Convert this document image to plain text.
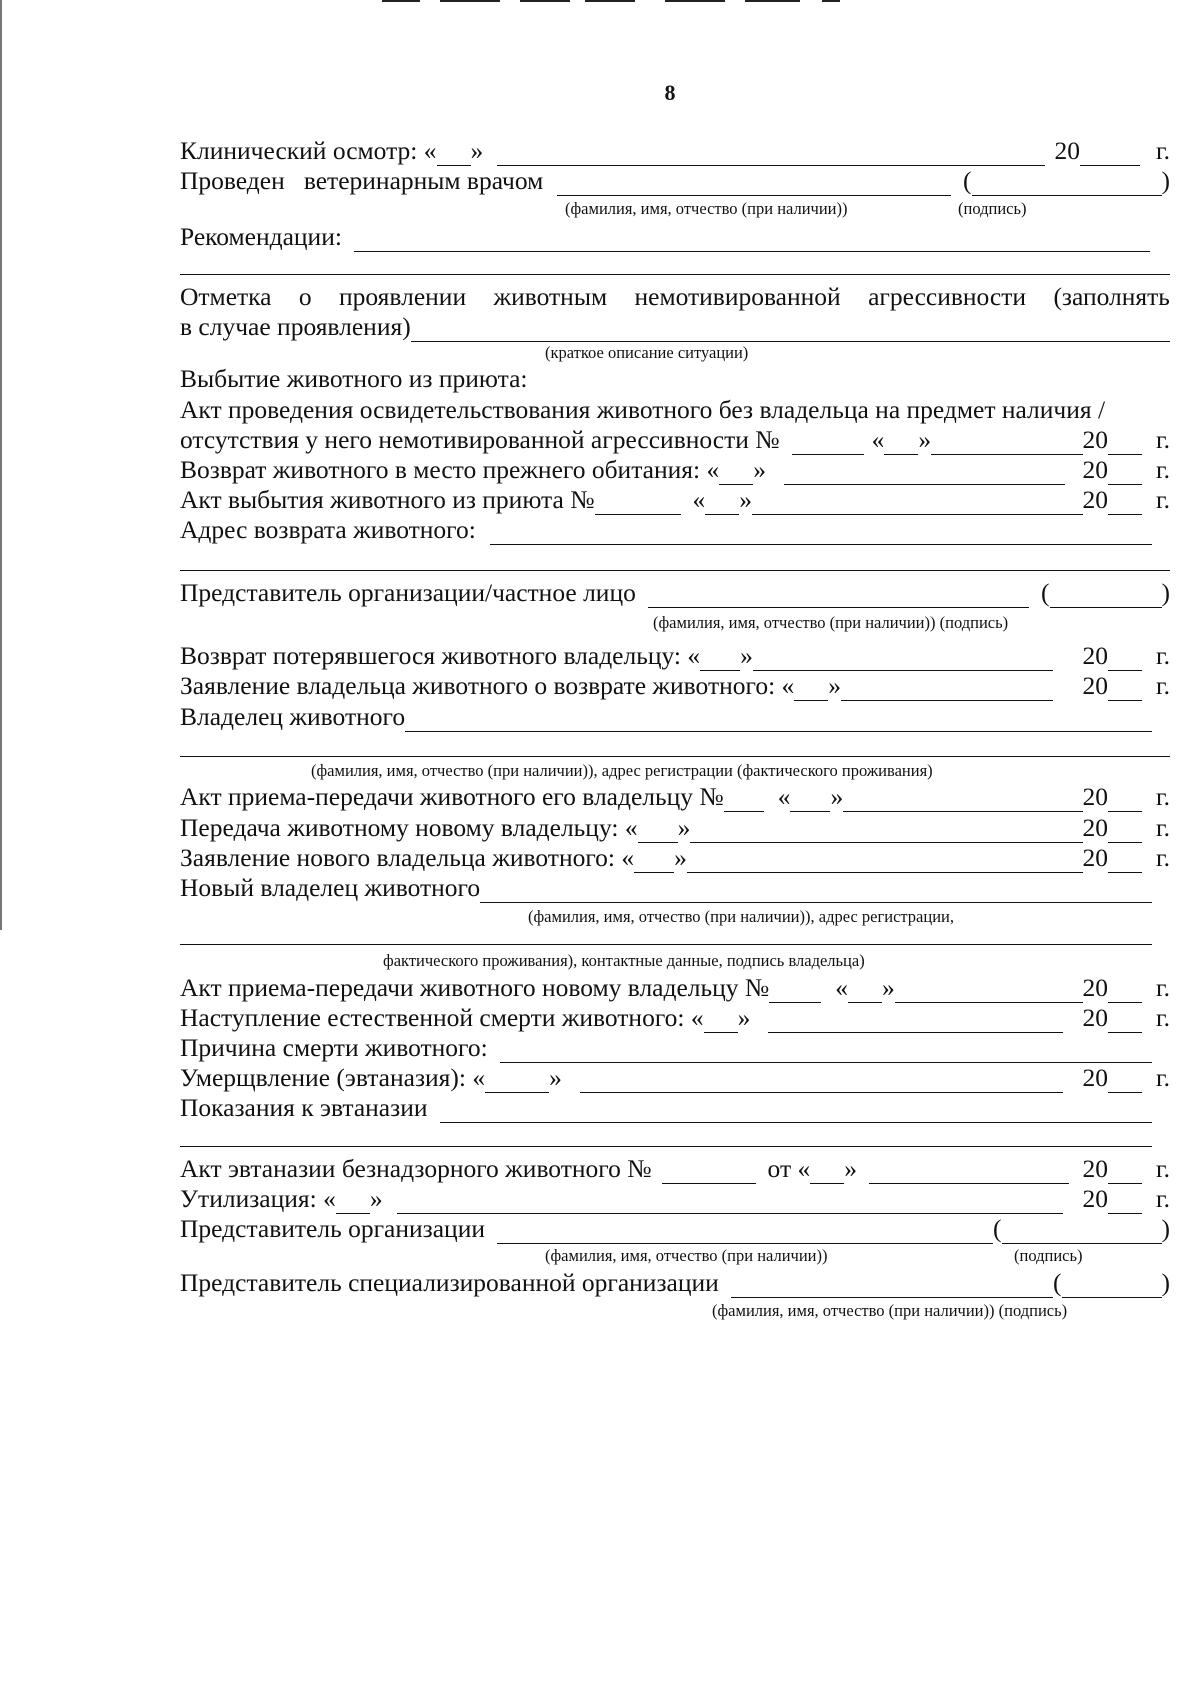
8
Клинический осмотр: « »	20	г.
Проведен   ветеринарным врачом	(	)
(фамилия, имя, отчество (при наличии))	(подпись)
Рекомендации:
Отметка о проявлении животным немотивированной агрессивности (заполнять
в случае проявления)
(краткое описание ситуации)
Выбытие животного из приюта:
Акт проведения освидетельствования животного без владельца на предмет наличия /
отсутствия у него немотивированной агрессивности №	« »	20 г.
Возврат животного в место прежнего обитания: « »	20 г.
Акт выбытия животного из приюта №	« »	20 г.
Адрес возврата животного:
Представитель организации/частное лицо	(	)
(фамилия, имя, отчество (при наличии)) (подпись)
Возврат потерявшегося животного владельцу: « »	20 г.
Заявление владельца животного о возврате животного: « »	20 г.
Владелец животного
(фамилия, имя, отчество (при наличии)), адрес регистрации (фактического проживания)
Акт приема-передачи животного его владельцу № « »	20 г.
Передача животному новому владельцу: « »	20 г.
Заявление нового владельца животного: « »	20 г.
Новый владелец животного
(фамилия, имя, отчество (при наличии)), адрес регистрации,
фактического проживания), контактные данные, подпись владельца)
Акт приема-передачи животного новому владельцу №	« »	20 г.
Наступление естественной смерти животного: « »	20 г.
Причина смерти животного:
Умерщвление (эвтаназия): «	»	20 г.
Показания к эвтаназии
Акт эвтаназии безнадзорного животного №	от « »	20 г.
Утилизация: « »	20 г.
Представитель организации	(	)
(фамилия, имя, отчество (при наличии))	(подпись)
Представитель специализированной организации	(	)
(фамилия, имя, отчество (при наличии)) (подпись)
